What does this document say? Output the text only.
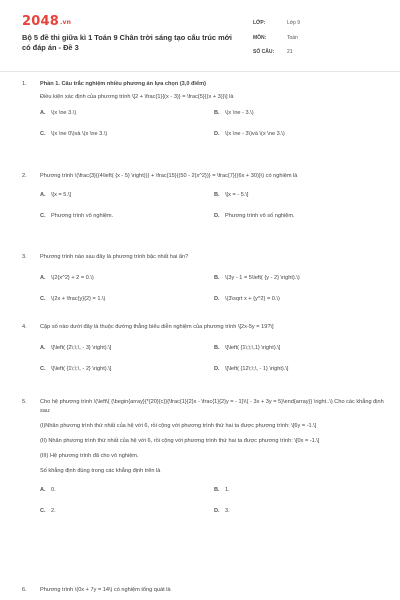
2048.vn
Bộ 5 đề thi giữa kì 1 Toán 9 Chân trời sáng tạo cấu trúc mới có đáp án - Đề 3
LỚP:	Lớp 9
MÔN:	Toán
SỐ CÂU:	21
1.	Phần 1. Câu trắc nghiệm nhiều phương án lựa chọn (3,0 điểm)
Điều kiện xác định của phương trình \[2 + \frac{1}{(x - 3)} = \frac{5}{(x + 3)}\] là
A. \(x \ne 3.\)	B. \(x \ne - 3.\)
C. \(x \ne 0\)và \(x \ne 3.\)	D. \(x \ne - 3\)và \(x \ne 3.\)
2.	Phương trình \(\frac{3}{(4\left( {x - 5} \right))} + \frac{15}{(50 - 2{x^2})} = \frac{7}{(6x + 30)}\) có nghiệm là
A. \[x = 5.\]	B. \[x = - 5.\]
C. Phương trình vô nghiệm.	D. Phương trình vô số nghiệm.
3.	Phương trình nào sau đây là phương trình bậc nhất hai ẩn?
A. \(2{x^2} + 2 = 0.\)	B. \(3y - 1 = 5\left( {y - 2} \right).\)
C. \(2x + \frac{y}{2} = 1.\)	D. \(3\sqrt x + {y^2} = 0.\)
4.	Cặp số nào dưới đây là thuộc đường thẳng biểu diễn nghiệm của phương trình \[2x-5y = 19?\]
A. \[\left( {2\;\;\, - 3} \right).\]	B. \[\left( {1\;\;\,1} \right).\]
C. \[\left( {1\;\;\, - 2} \right).\]	D. \[\left( {12\;\;\, - 1} \right).\]
5.	Cho hệ phương trình \(\left\{ {\begin{array}{*{20}{c}}{\frac{1}{2}x - \frac{1}{2}y = - 1}\\{ - 3x + 3y = 5}\end{array}} \right..\) Cho các khẳng định sau:
(I)Nhân phương trình thứ nhất của hệ với 6, rồi cộng với phương trình thứ hai ta được phương trình: \[6y = -1.\]
(II) Nhân phương trình thứ nhất của hệ với 6, rồi cộng với phương trình thứ hai ta được phương trình: \[0x = -1.\]
(III) Hệ phương trình đã cho vô nghiệm.
Số khẳng định đúng trong các khẳng định trên là
A. 0.	B. 1.
C. 2.	D. 3.
6.	Phương trình \(0x + 7y = 14\) có nghiệm tổng quát là
